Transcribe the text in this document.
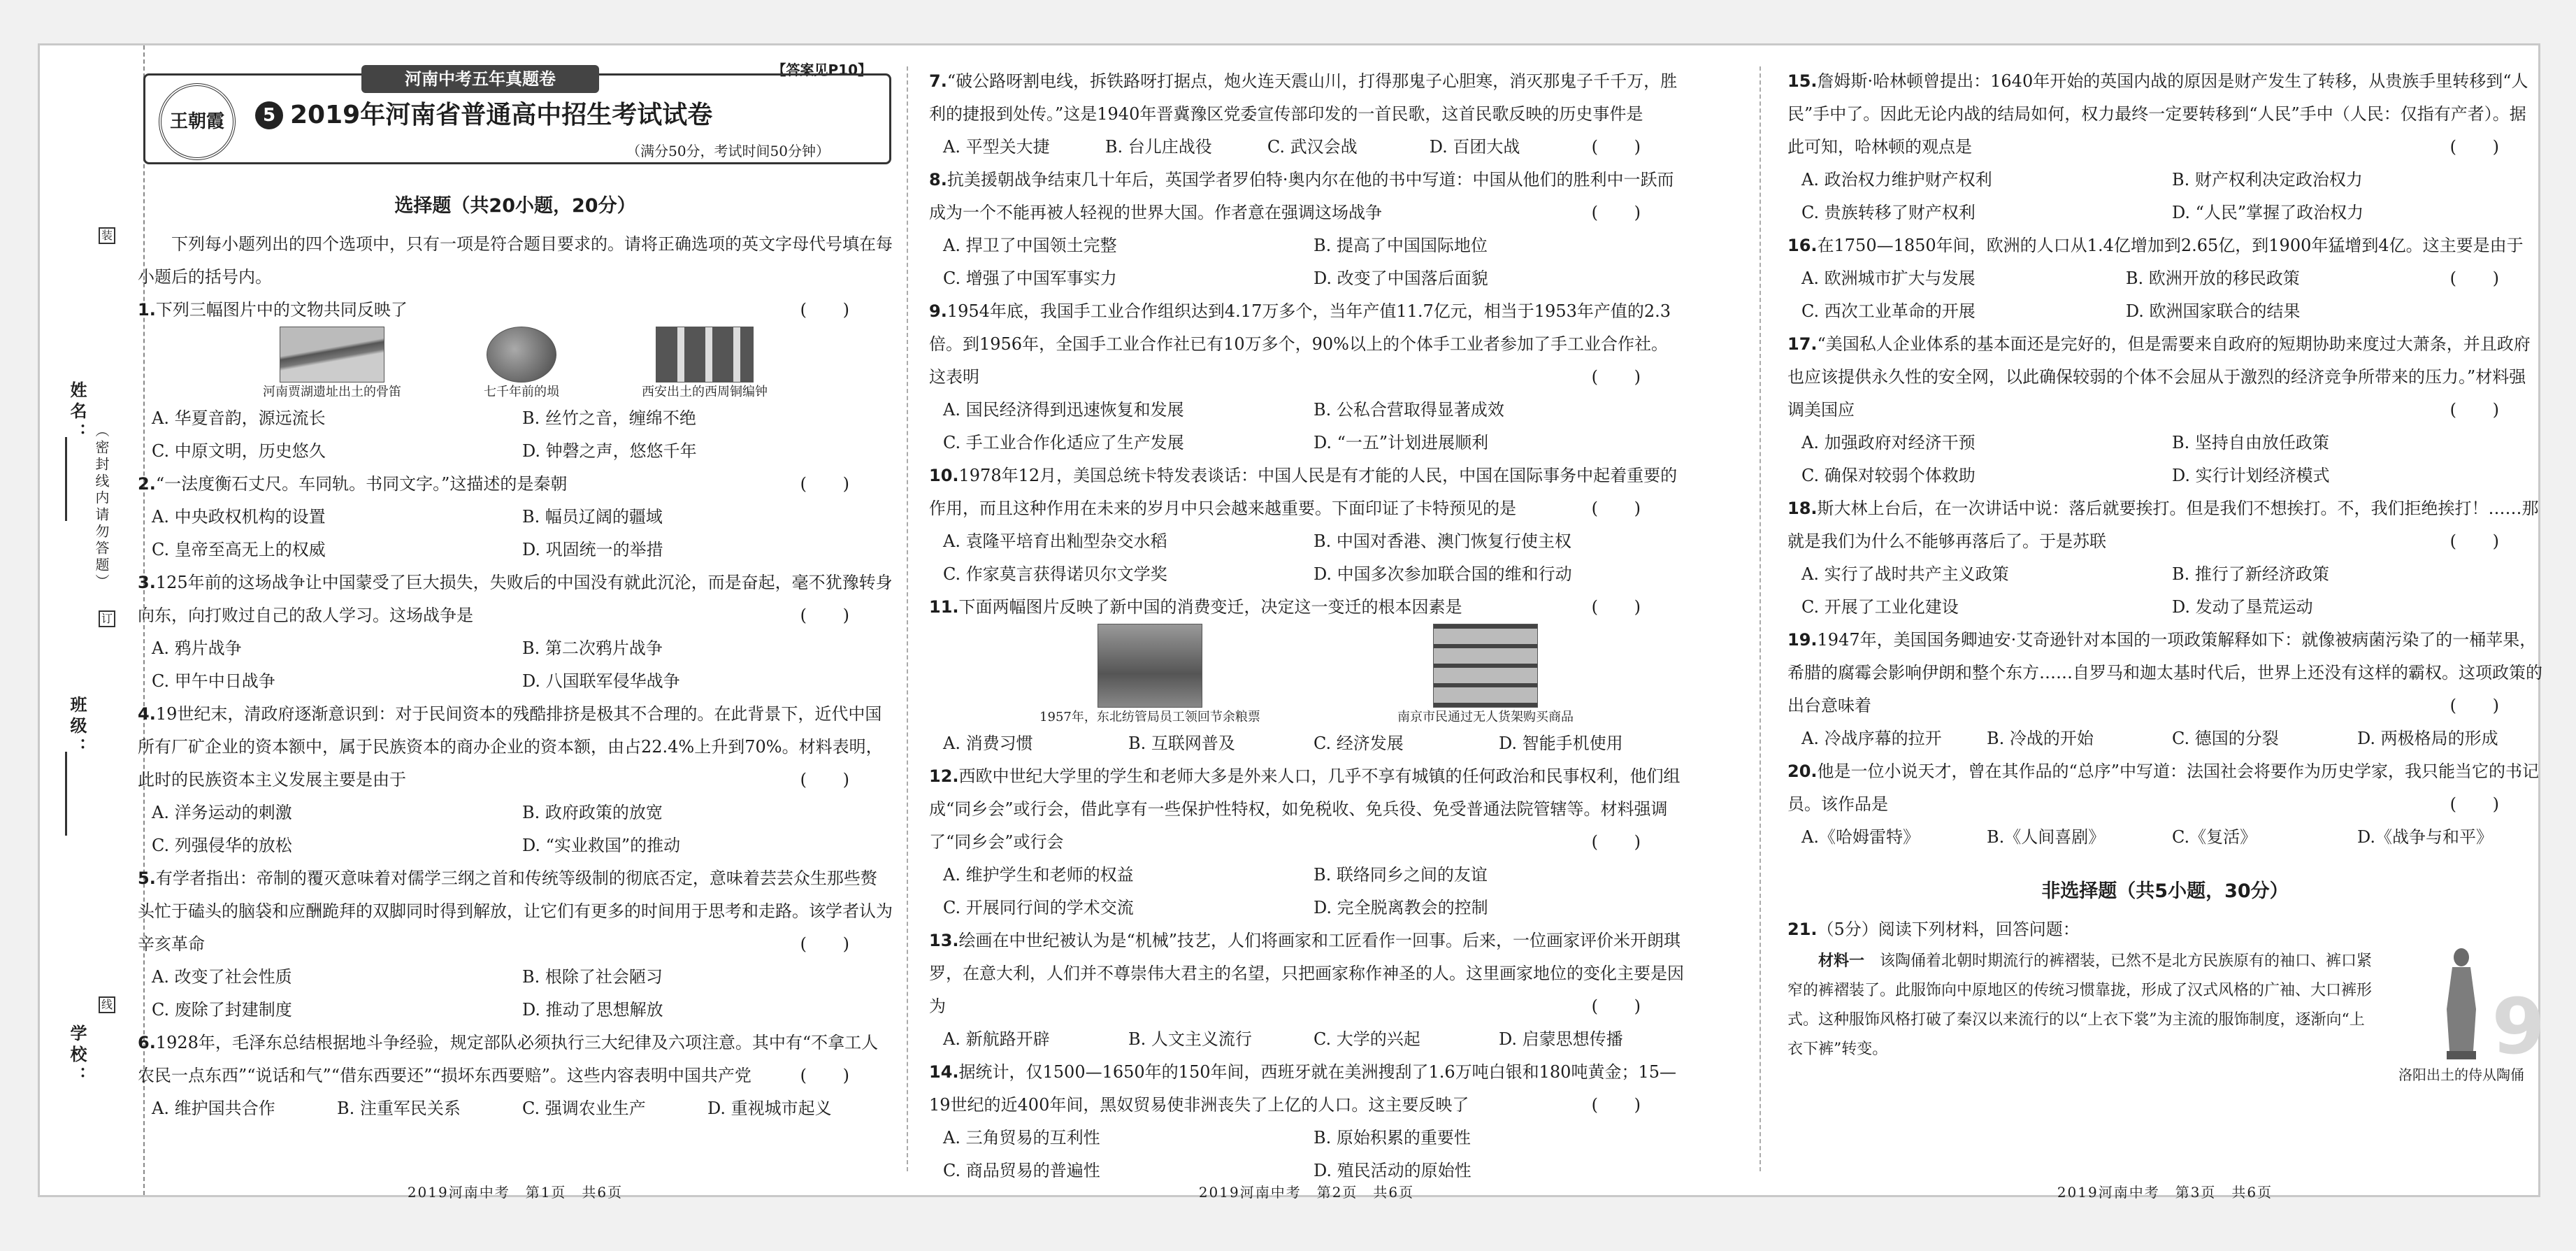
姓名：
班级：
学校：
（密封线内请勿答题）
装
订
线
【答案见P10】
王朝霞
河南中考五年真题卷
5 2019年河南省普通高中招生考试试卷
（满分50分，考试时间50分钟）
选择题（共20小题，20分）
下列每小题列出的四个选项中，只有一项是符合题目要求的。请将正确选项的英文字母代号填在每小题后的括号内。
1.下列三幅图片中的文物共同反映了	( )
河南贾湖遗址出土的骨笛	七千年前的埙	西安出土的西周铜编钟
A. 华夏音韵，源远流长	B. 丝竹之音，缠绵不绝
C. 中原文明，历史悠久	D. 钟磬之声，悠悠千年
2.“一法度衡石丈尺。车同轨。书同文字。”这描述的是秦朝	( )
A. 中央政权机构的设置	B. 幅员辽阔的疆域
C. 皇帝至高无上的权威	D. 巩固统一的举措
3.125年前的这场战争让中国蒙受了巨大损失，失败后的中国没有就此沉沦，而是奋起，毫不犹豫转身向东，向打败过自己的敌人学习。这场战争是	( )
A. 鸦片战争	B. 第二次鸦片战争
C. 甲午中日战争	D. 八国联军侵华战争
4.19世纪末，清政府逐渐意识到：对于民间资本的残酷排挤是极其不合理的。在此背景下，近代中国所有厂矿企业的资本额中，属于民族资本的商办企业的资本额，由占22.4%上升到70%。材料表明，此时的民族资本主义发展主要是由于	( )
A. 洋务运动的刺激	B. 政府政策的放宽
C. 列强侵华的放松	D. “实业救国”的推动
5.有学者指出：帝制的覆灭意味着对儒学三纲之首和传统等级制的彻底否定，意味着芸芸众生那些赘头忙于磕头的脑袋和应酬跪拜的双脚同时得到解放，让它们有更多的时间用于思考和走路。该学者认为辛亥革命	( )
A. 改变了社会性质	B. 根除了社会陋习
C. 废除了封建制度	D. 推动了思想解放
6.1928年，毛泽东总结根据地斗争经验，规定部队必须执行三大纪律及六项注意。其中有“不拿工人农民一点东西”“说话和气”“借东西要还”“损坏东西要赔”。这些内容表明中国共产党	( )
A. 维护国共合作	B. 注重军民关系	C. 强调农业生产	D. 重视城市起义
2019河南中考　第1页　共6页
7.“破公路呀割电线，拆铁路呀打据点，炮火连天震山川，打得那鬼子心胆寒，消灭那鬼子千千万，胜利的捷报到处传。”这是1940年晋冀豫区党委宣传部印发的一首民歌，这首民歌反映的历史事件是
( )
A. 平型关大捷	B. 台儿庄战役	C. 武汉会战	D. 百团大战
8.抗美援朝战争结束几十年后，英国学者罗伯特·奥内尔在他的书中写道：中国从他们的胜利中一跃而成为一个不能再被人轻视的世界大国。作者意在强调这场战争	( )
A. 捍卫了中国领土完整	B. 提高了中国国际地位
C. 增强了中国军事实力	D. 改变了中国落后面貌
9.1954年底，我国手工业合作组织达到4.17万多个，当年产值11.7亿元，相当于1953年产值的2.3倍。到1956年，全国手工业合作社已有10万多个，90%以上的个体手工业者参加了手工业合作社。这表明	( )
A. 国民经济得到迅速恢复和发展	B. 公私合营取得显著成效
C. 手工业合作化适应了生产发展	D. “一五”计划进展顺利
10.1978年12月，美国总统卡特发表谈话：中国人民是有才能的人民，中国在国际事务中起着重要的作用，而且这种作用在未来的岁月中只会越来越重要。下面印证了卡特预见的是	( )
A. 袁隆平培育出籼型杂交水稻	B. 中国对香港、澳门恢复行使主权
C. 作家莫言获得诺贝尔文学奖	D. 中国多次参加联合国的维和行动
11.下面两幅图片反映了新中国的消费变迁，决定这一变迁的根本因素是	( )
1957年，东北纺管局员工领回节余粮票	南京市民通过无人货架购买商品
A. 消费习惯	B. 互联网普及	C. 经济发展	D. 智能手机使用
12.西欧中世纪大学里的学生和老师大多是外来人口，几乎不享有城镇的任何政治和民事权利，他们组成“同乡会”或行会，借此享有一些保护性特权，如免税收、免兵役、免受普通法院管辖等。材料强调了“同乡会”或行会	( )
A. 维护学生和老师的权益	B. 联络同乡之间的友谊
C. 开展同行间的学术交流	D. 完全脱离教会的控制
13.绘画在中世纪被认为是“机械”技艺，人们将画家和工匠看作一回事。后来，一位画家评价米开朗琪罗，在意大利，人们并不尊崇伟大君主的名望，只把画家称作神圣的人。这里画家地位的变化主要是因为	( )
A. 新航路开辟	B. 人文主义流行	C. 大学的兴起	D. 启蒙思想传播
14.据统计，仅1500—1650年的150年间，西班牙就在美洲搜刮了1.6万吨白银和180吨黄金；15—19世纪的近400年间，黑奴贸易使非洲丧失了上亿的人口。这主要反映了	( )
A. 三角贸易的互利性	B. 原始积累的重要性
C. 商品贸易的普遍性	D. 殖民活动的原始性
2019河南中考　第2页　共6页
15.詹姆斯·哈林顿曾提出：1640年开始的英国内战的原因是财产发生了转移，从贵族手里转移到“人民”手中了。因此无论内战的结局如何，权力最终一定要转移到“人民”手中（人民：仅指有产者）。据此可知，哈林顿的观点是	( )
A. 政治权力维护财产权利	B. 财产权利决定政治权力
C. 贵族转移了财产权利	D. “人民”掌握了政治权力
16.在1750—1850年间，欧洲的人口从1.4亿增加到2.65亿，到1900年猛增到4亿。这主要是由于
( )
A. 欧洲城市扩大与发展	B. 欧洲开放的移民政策
C. 西次工业革命的开展	D. 欧洲国家联合的结果
17.“美国私人企业体系的基本面还是完好的，但是需要来自政府的短期协助来度过大萧条，并且政府也应该提供永久性的安全网，以此确保较弱的个体不会屈从于激烈的经济竞争所带来的压力。”材料强调美国应	( )
A. 加强政府对经济干预	B. 坚持自由放任政策
C. 确保对较弱个体救助	D. 实行计划经济模式
18.斯大林上台后，在一次讲话中说：落后就要挨打。但是我们不想挨打。不，我们拒绝挨打！……那就是我们为什么不能够再落后了。于是苏联	( )
A. 实行了战时共产主义政策	B. 推行了新经济政策
C. 开展了工业化建设	D. 发动了垦荒运动
19.1947年，美国国务卿迪安·艾奇逊针对本国的一项政策解释如下：就像被病菌污染了的一桶苹果，希腊的腐霉会影响伊朗和整个东方……自罗马和迦太基时代后，世界上还没有这样的霸权。这项政策的出台意味着	( )
A. 冷战序幕的拉开	B. 冷战的开始	C. 德国的分裂	D. 两极格局的形成
20.他是一位小说天才，曾在其作品的“总序”中写道：法国社会将要作为历史学家，我只能当它的书记员。该作品是	( )
A.《哈姆雷特》	B.《人间喜剧》	C.《复活》	D.《战争与和平》
非选择题（共5小题，30分）
21.（5分）阅读下列材料，回答问题：
材料一　 该陶俑着北朝时期流行的裤褶装，已然不是北方民族原有的袖口、裤口紧窄的裤褶装了。此服饰向中原地区的传统习惯靠拢，形成了汉式风格的广袖、大口裤形式。这种服饰风格打破了秦汉以来流行的以“上衣下裳”为主流的服饰制度，逐渐向“上衣下裤”转变。	9
洛阳出土的侍从陶俑
2019河南中考　第3页　共6页
